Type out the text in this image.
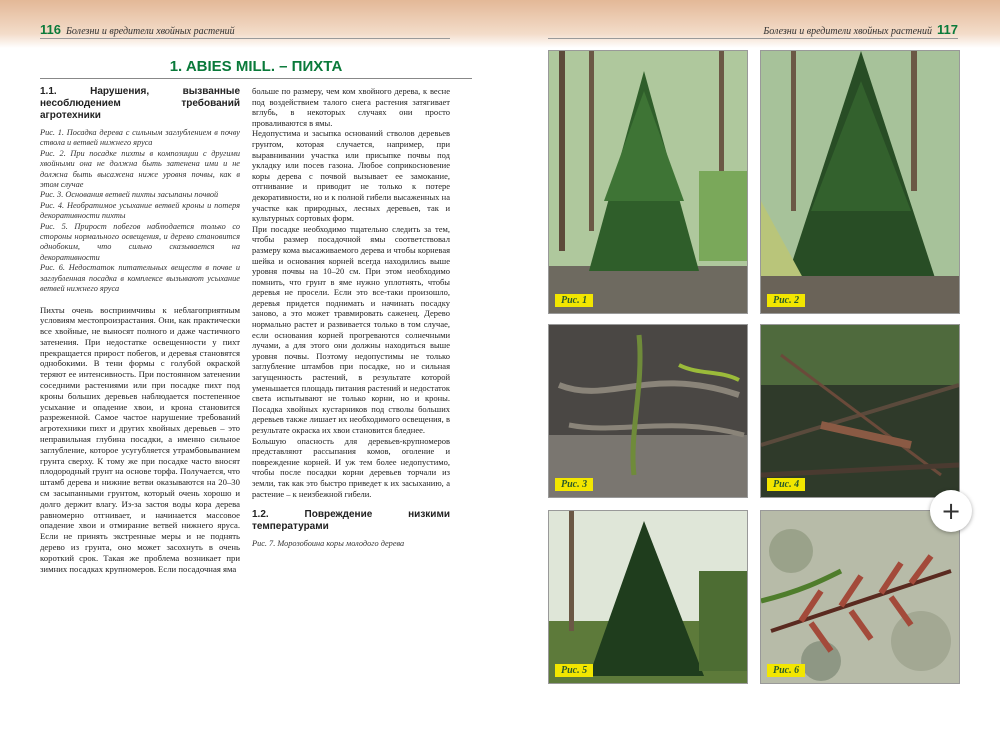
116 Болезни и вредители хвойных растений	Болезни и вредители хвойных растений 117
1. ABIES MILL. – ПИХТА
1.1. Нарушения, вызванные несоблюдением требований агротехники

Рис. 1. Посадка дерева с сильным заглублением в почву ствола и ветвей нижнего яруса

Рис. 2. При посадке пихты в композиции с другими хвойными она не должна быть затенена ими и не должна быть высажена ниже уровня почвы, как в этом случае

Рис. 3. Основания ветвей пихты засыпаны почвой

Рис. 4. Необратимое усыхание ветвей кроны и потеря декоративности пихты

Рис. 5. Прирост побегов наблюдается только со стороны нормального освещения, и дерево становится однобоким, что сильно сказывается на декоративности

Рис. 6. Недостаток питательных веществ в почве и заглубленная посадка в комплексе вызывают усыхание ветвей нижнего яруса

Пихты очень восприимчивы к неблагоприятным условиям местопроизрастания. Они, как практически все хвойные, не выносят полного и даже частичного затенения. При недостатке освещенности у пихт прекращается прирост побегов, и деревья становятся однобокими. В тени формы с голубой окраской теряют ее интенсивность. При постоянном затенении соседними растениями или при посадке пихт под кроны больших деревьев наблюдается постепенное усыхание и опадение хвои, и крона становится разреженной. Самое частое нарушение требований агротехники пихт и других хвойных деревьев – это неправильная глубина посадки, а именно сильное заглубление, которое усугубляется утрамбовыванием грунта сверху. К тому же при посадке часто вносят плодородный грунт на основе торфа. Получается, что штамб дерева и нижние ветви оказываются на 20–30 см засыпанными грунтом, который очень хорошо и долго держит влагу. Из-за застоя воды кора дерева равномерно отгнивает, и начинается массовое опадение хвои и отмирание ветвей нижнего яруса. Если не принять экстренные меры и не поднять дерево из грунта, оно может засохнуть в очень короткий срок. Такая же проблема возникает при зимних посадках крупномеров. Если посадочная яма

больше по размеру, чем ком хвойного дерева, к весне под воздействием талого снега растения затягивает вглубь, в некоторых случаях они просто проваливаются в ямы.

Недопустима и засыпка оснований стволов деревьев грунтом, которая случается, например, при выравнивании участка или присыпке почвы под укладку или посев газона. Любое соприкосновение коры дерева с почвой вызывает ее замокание, отгнивание и приводит не только к потере декоративности, но и к полной гибели высаженных на участке как природных, лесных деревьев, так и культурных сортовых форм.

При посадке необходимо тщательно следить за тем, чтобы размер посадочной ямы соответствовал размеру кома высаживаемого дерева и чтобы корневая шейка и основания корней всегда находились выше уровня почвы на 10–20 см. При этом необходимо помнить, что грунт в яме нужно уплотнять, чтобы деревья не просели. Если это все-таки произошло, деревья придется поднимать и начинать посадку заново, а это может травмировать саженец. Дерево нормально растет и развивается только в том случае, если основания корней прогреваются солнечными лучами, а для этого они должны находиться выше уровня почвы. Поэтому недопустимы не только заглубление штамбов при посадке, но и сильная загущенность растений, в результате которой уменьшается площадь питания растений и недостаток света испытывают не только корни, но и кроны. Посадка хвойных кустарников под стволы больших деревьев также лишает их необходимого освещения, в результате окраска их хвои становится бледнее.

Большую опасность для деревьев-крупномеров представляют рассыпания комов, оголение и повреждение корней. И уж тем более недопустимо, чтобы после посадки корни деревьев торчали из земли, так как это быстро приведет к их засыханию, а растение – к неизбежной гибели.

1.2. Повреждение низкими температурами
Рис. 7. Морозобоина коры молодого дерева
Рис. 1	Рис. 2
Рис. 3	Рис. 4
Рис. 5	Рис. 6
+
